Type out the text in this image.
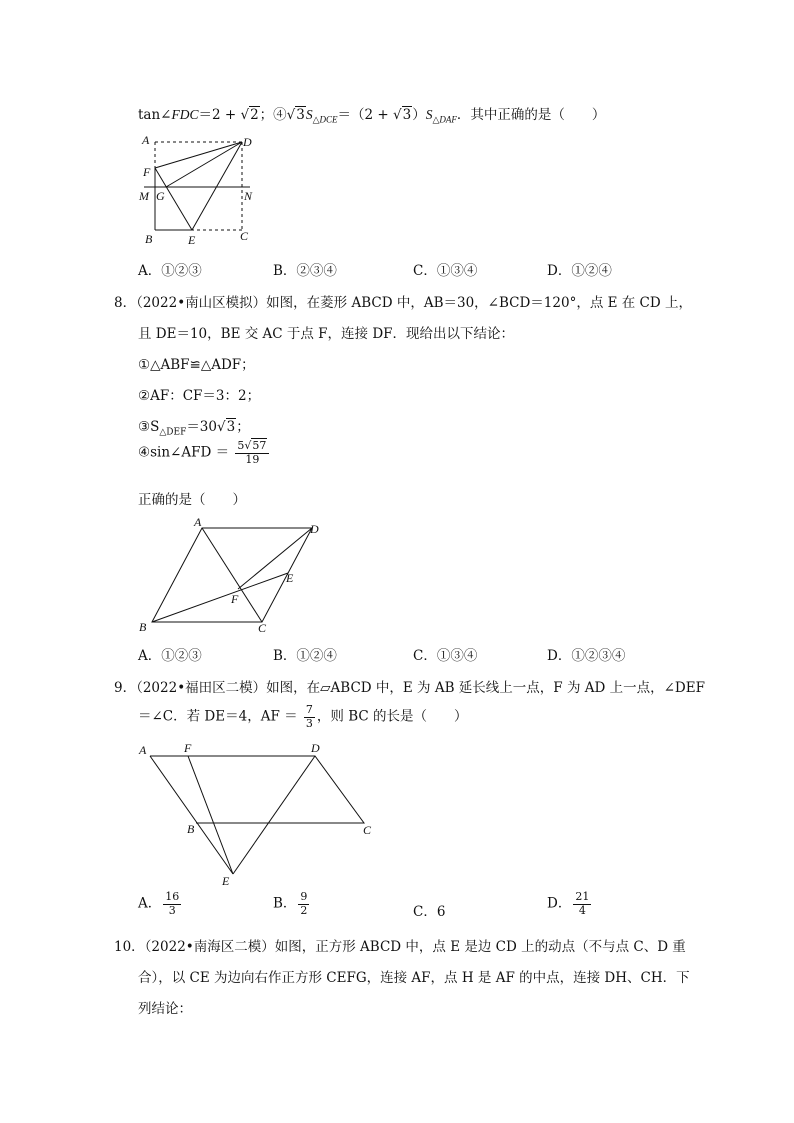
tan∠FDC＝2 + √2；$④√3S_{\triangle DCE}=(2 + √3)S_{\triangle DAF}$．其中正确的是（　　）
A	D
F
M G	N
B	E	C
A．①②③	B．②③④	C．①③④	D．①②④
8．（2022•南山区模拟）如图，在菱形 ABCD 中，AB＝30，∠BCD＝120°，点 E 在 CD 上，
且 DE＝10，BE 交 AC 于点 F，连接 DF．现给出以下结论：
①△ABF≌△ADF；
②AF：CF＝3：2；
$③S_{\triangle DEF}=30√3$；
④sin∠AFD ＝ $\frac{5√57}{19}$
正确的是（　　）
A	D
E
F
B	C
A．①②③	B．①②④	C．①③④	D．①②③④
9．（2022•福田区二模）如图，在▱ABCD 中，E 为 AB 延长线上一点，F 为 AD 上一点，∠DEF
＝∠C．若 DE＝4，AF ＝ $\frac{7}{3}$ ，则 BC 的长是（　　）
A	F	D
B	C
E
A． $\frac{16}{3}$	B． $\frac{9}{2}$	C．6
D． $\frac{21}{4}$
10．（2022•南海区二模）如图，正方形 ABCD 中，点 E 是边 CD 上的动点（不与点 C、D 重
合），以 CE 为边向右作正方形 CEFG，连接 AF，点 H 是 AF 的中点，连接 DH、CH．下
列结论：
